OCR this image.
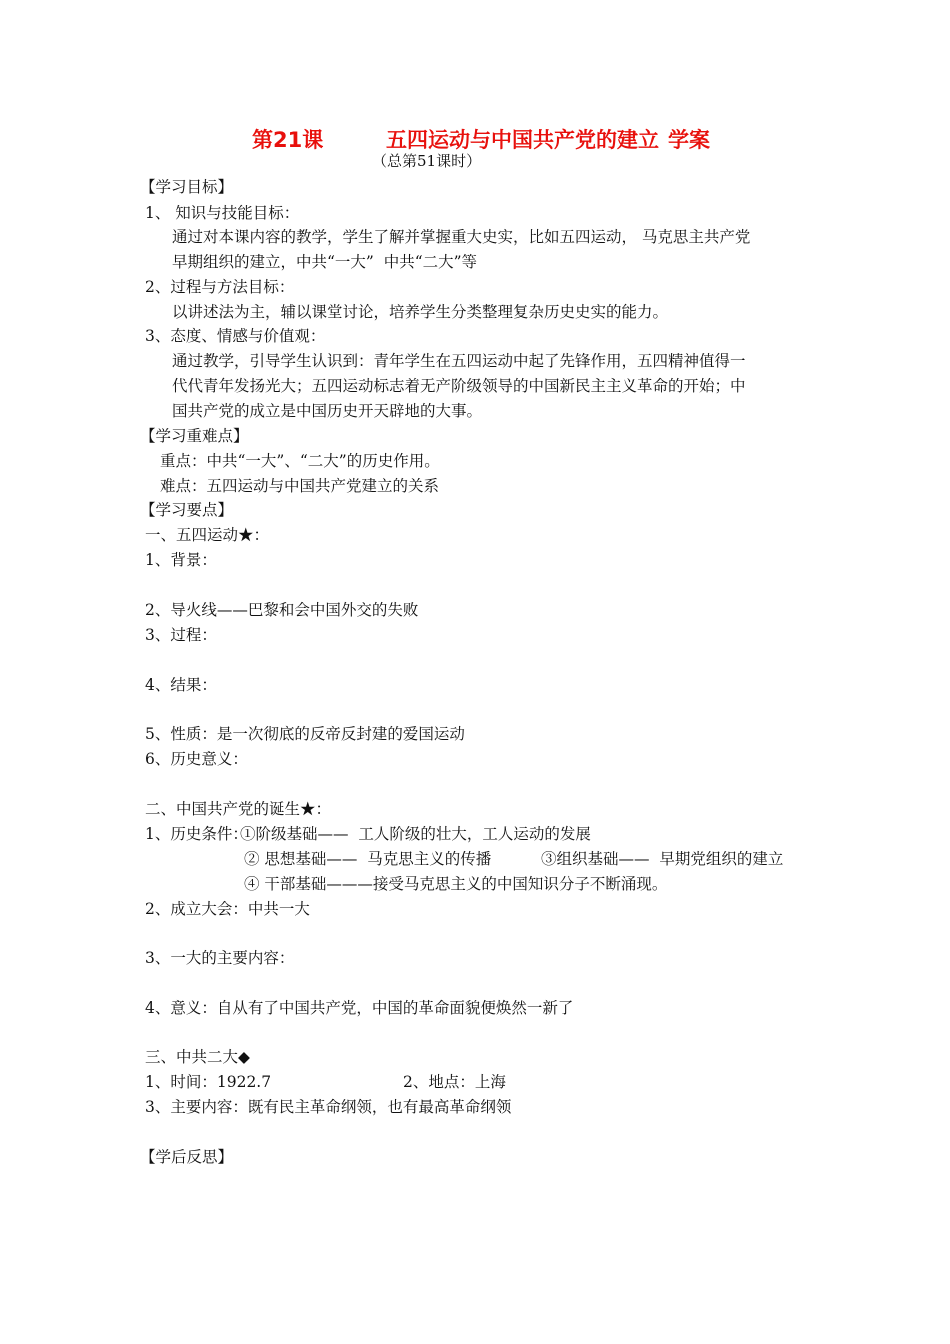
第21课	五四运动与中国共产党的建立 学案
（总第51课时）
【学习目标】
1、 知识与技能目标：
通过对本课内容的教学，学生了解并掌握重大史实，比如五四运动， 马克思主共产党
早期组织的建立，中共“一大”  中共“二大”等
2、过程与方法目标：
以讲述法为主，辅以课堂讨论，培养学生分类整理复杂历史史实的能力。
3、态度、情感与价值观：
通过教学，引导学生认识到：青年学生在五四运动中起了先锋作用，五四精神值得一
代代青年发扬光大；五四运动标志着无产阶级领导的中国新民主主义革命的开始；中
国共产党的成立是中国历史开天辟地的大事。
【学习重难点】
重点：中共“一大”、“二大”的历史作用。
难点：五四运动与中国共产党建立的关系
【学习要点】
一、五四运动★：
1、背景：
2、导火线——巴黎和会中国外交的失败
3、过程：
4、结果：
5、性质：是一次彻底的反帝反封建的爱国运动
6、历史意义：
二、中国共产党的诞生★：
1、历史条件：
①阶级基础——  工人阶级的壮大，工人运动的发展
② 思想基础——  马克思主义的传播	③组织基础——  早期党组织的建立
④ 干部基础———接受马克思主义的中国知识分子不断涌现。
2、成立大会：中共一大
3、一大的主要内容：
4、意义：自从有了中国共产党，中国的革命面貌便焕然一新了
三、中共二大◆
1、时间：1922.7	2、地点：上海
3、主要内容：既有民主革命纲领，也有最高革命纲领
【学后反思】
